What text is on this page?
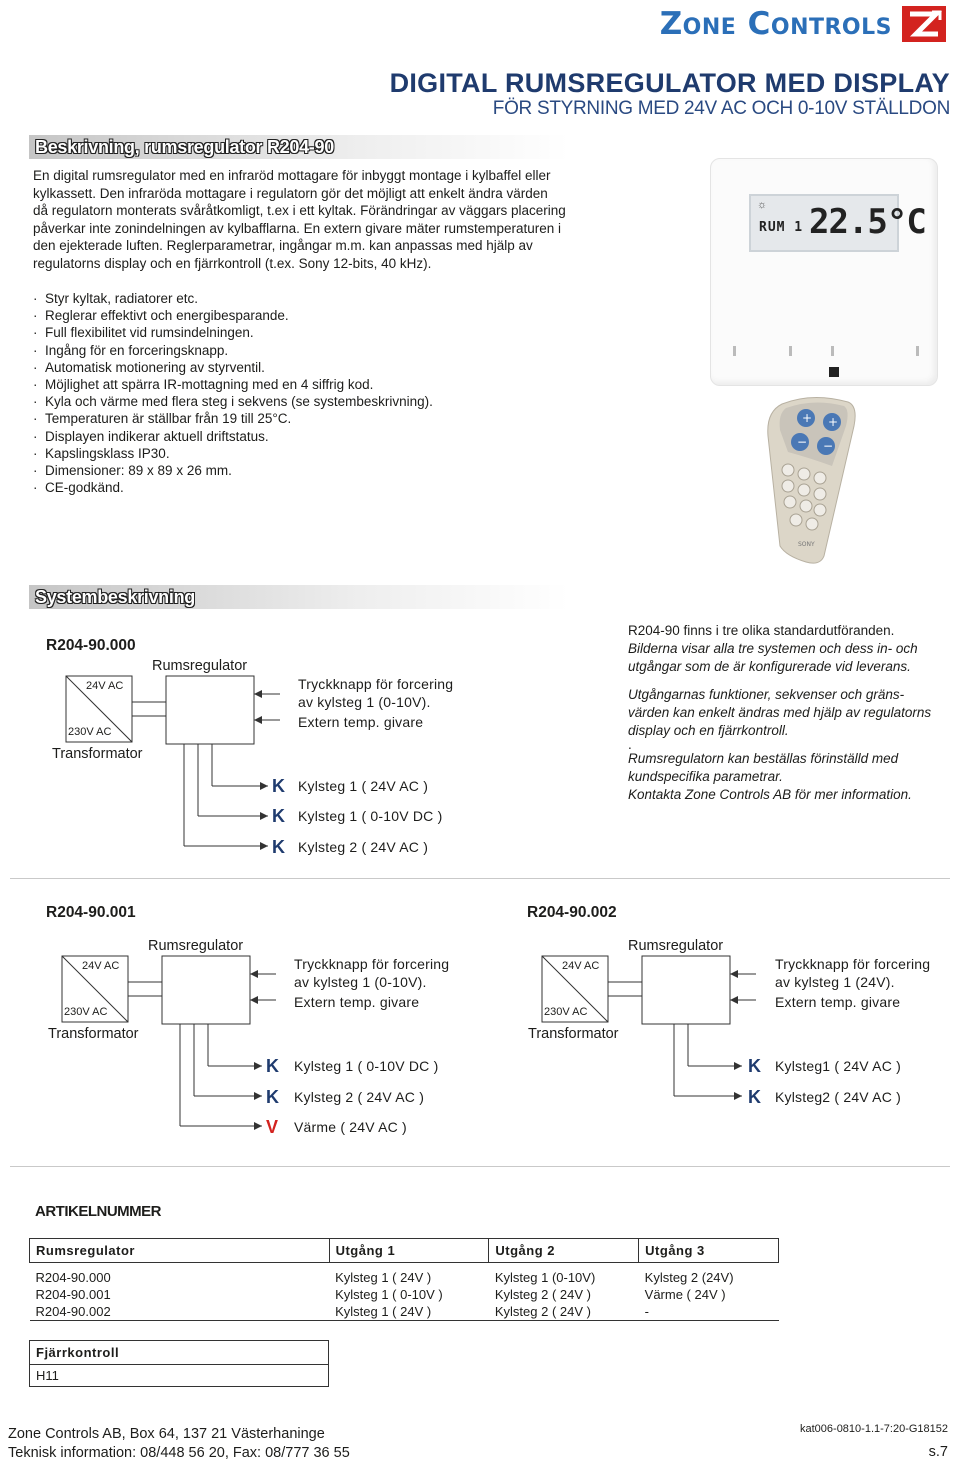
Zone Controls
DIGITAL RUMSREGULATOR MED DISPLAY
FÖR STYRNING MED 24V AC OCH 0-10V STÄLLDON
Beskrivning, rumsregulator R204-90
En digital rumsregulator med en infraröd mottagare för inbyggt montage i kylbaffel eller
kylkassett. Den infraröda mottagare i regulatorn gör det möjligt att enkelt ändra värden
då regulatorn monterats svåråtkomligt, t.ex i ett kyltak. Förändringar av väggars placering
påverkar inte zonindelningen av kylbafflarna. En extern givare mäter rumstemperaturen i
den ejekterade luften. Reglerparametrar, ingångar m.m. kan anpassas med hjälp av
regulatorns display och en fjärrkontroll (t.ex. Sony 12-bits, 40 kHz).
· Styr kyltak, radiatorer etc.
· Reglerar effektivt och energibesparande.
· Full flexibilitet vid rumsindelningen.
· Ingång för en forceringsknapp.
· Automatisk motionering av styrventil.
· Möjlighet att spärra IR-mottagning med en 4 siffrig kod.
· Kyla och värme med flera steg i sekvens (se systembeskrivning).
· Temperaturen är ställbar från 19 till 25°C.
· Displayen indikerar aktuell driftstatus.
· Kapslingsklass IP30.
· Dimensioner: 89 x 89 x 26 mm.
· CE-godkänd.
☼
RUM 1 22.5°C
+ +
− −
SONY
Systembeskrivning
R204-90.000
Rumsregulator
24V AC
230V AC
Transformator
Tryckknapp för forcering
av kylsteg 1 (0-10V).
Extern temp. givare
K Kylsteg 1 ( 24V AC )
K Kylsteg 1 ( 0-10V DC )
K Kylsteg 2 ( 24V AC )
R204-90 finns i tre olika standardutföranden.
Bilderna visar alla tre systemen och dess in- och
utgångar som de är konfigurerade vid leverans.
Utgångarnas funktioner, sekvenser och gräns-
värden kan enkelt ändras med hjälp av regulatorns
display och en fjärrkontroll.
.
Rumsregulatorn kan beställas förinställd med
kundspecifika parametrar.
Kontakta Zone Controls AB för mer information.
R204-90.001
Rumsregulator
24V AC
230V AC
Transformator
Tryckknapp för forcering
av kylsteg 1 (0-10V).
Extern temp. givare
K Kylsteg 1 ( 0-10V DC )
K Kylsteg 2 ( 24V AC )
V Värme ( 24V AC )
R204-90.002
Rumsregulator
24V AC
230V AC
Transformator
Tryckknapp för forcering
av kylsteg 1 (24V).
Extern temp. givare
K Kylsteg1 ( 24V AC )
K Kylsteg2 ( 24V AC )
ARTIKELNUMMER
Rumsregulator	Utgång 1	Utgång 2	Utgång 3

R204-90.000	Kylsteg 1 ( 24V )	Kylsteg 1 (0-10V)	Kylsteg 2 (24V)
R204-90.001	Kylsteg 1 ( 0-10V )	Kylsteg 2 ( 24V )	Värme ( 24V )
R204-90.002	Kylsteg 1 ( 24V )	Kylsteg 2 ( 24V )	-
Fjärrkontroll
H11
Zone Controls AB, Box 64, 137 21 Västerhaninge
Teknisk information: 08/448 56 20, Fax: 08/777 36 55
kat006-0810-1.1-7:20-G18152
s.7
